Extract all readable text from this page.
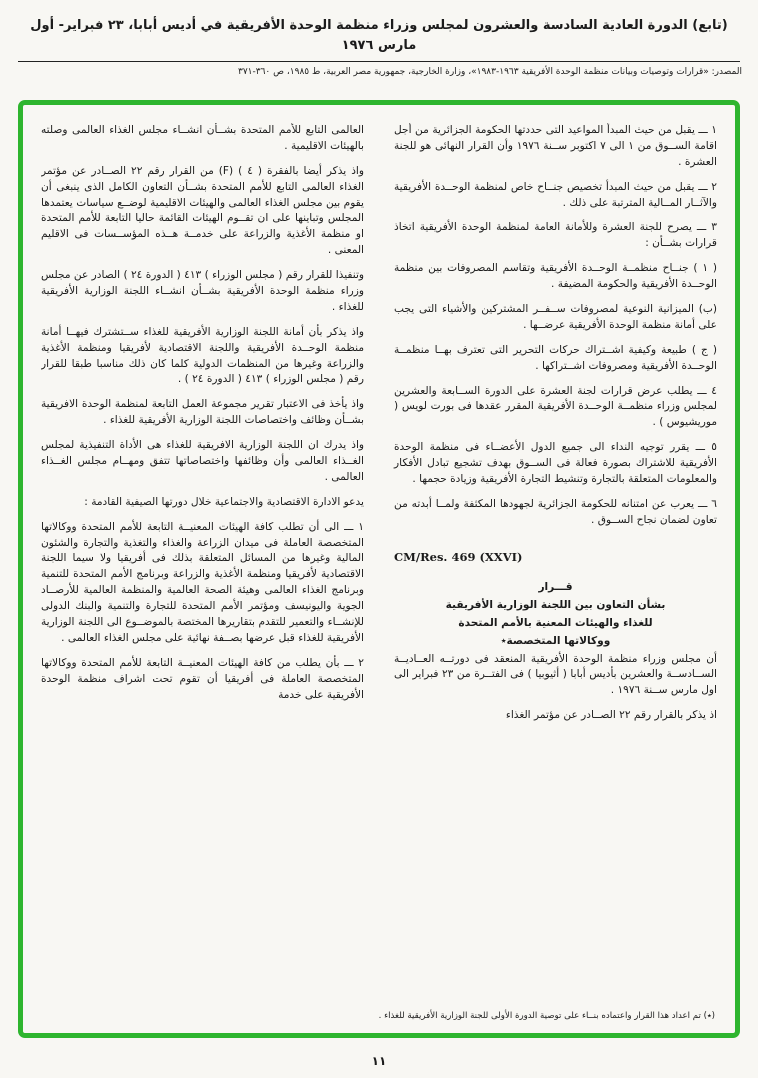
(تابع) الدورة العادية السادسة والعشرون لمجلس وزراء منظمة الوحدة الأفريقية في أديس أبابا، ٢٣ فبراير- أول مارس ١٩٧٦
المصدر: «قرارات وتوصيات وبيانات منظمة الوحدة الأفريقية ١٩٦٣-١٩٨٣»، وزارة الخارجية، جمهورية مصر العربية، ط ١٩٨٥، ص ٣٦٠-٣٧١

١ ـــ يقبل من حيث المبدأ المواعيد التى حددتها الحكومة الجزائرية من أجل اقامة الســوق من ١ الى ٧ اكتوبر ســنة ١٩٧٦ وأن القرار النهائى هو للجنة العشرة .

٢ ـــ يقبل من حيث المبدأ تخصيص جنــاح خاص لمنظمة الوحــدة الأفريقية والآثــار المــالية المترتبة على ذلك .

٣ ـــ يصرح للجنة العشرة وللأمانة العامة لمنظمة الوحدة الأفريقية اتخاذ قرارات بشــأن :

( ١ ) جنــاح منظمــة الوحــدة الأفريقية وتقاسم المصروفات بين منظمة الوحــدة الأفريقية والحكومة المضيفة .

(ب) الميزانية النوعية لمصروفات ســفــر المشتركين والأشياء التى يجب على أمانة منظمة الوحدة الأفريقية عرضــها .

( ج ) طبيعة وكيفية اشــتراك حركات التحرير التى تعترف بهــا منظمــة الوحــدة الأفريقية ومصروفات اشــتراكها .

٤ ـــ يطلب عرض قرارات لجنة العشرة على الدورة الســابعة والعشرين لمجلس وزراء منظمــة الوحــدة الأفريقية المقرر عقدها فى بورت لويس ( موريشيوس ) .

٥ ـــ يقرر توجيه النداء الى جميع الدول الأعضــاء فى منظمة الوحدة الأفريقية للاشتراك بصورة فعالة فى الســوق بهدف تشجيع تبادل الأفكار والمعلومات المتعلقة بالتجارة وتنشيط التجارة الأفريقية وزيادة حجمها .

٦ ـــ يعرب عن امتنانه للحكومة الجزائرية لجهودها المكثفة ولمــا أبدته من تعاون لضمان نجاح الســوق .

CM/Res. 469 (XXVI)

قـــرار

بشأن التعاون بين اللجنة الوزارية الأفريقية

للغذاء والهيئات المعنية بالأمم المتحدة

ووكالاتها المتخصصة٭

أن مجلس وزراء منظمة الوحدة الأفريقية المنعقد فى دورتــه العــاديــة الســادســة والعشرين بأديس أبابا ( أثيوبيا ) فى الفتــرة من ٢٣ فبراير الى اول مارس ســنة ١٩٧٦ .

اذ يذكر بالقرار رقم ٢٢ الصــادر عن مؤتمر الغذاء

العالمى التابع للأمم المتحدة بشــأن انشــاء مجلس الغذاء العالمى وصلته بالهيئات الاقليمية .

واذ يذكر أيضا بالفقرة ( ٤ ) (F) من القرار رقم ٢٢ الصــادر عن مؤتمر الغذاء العالمى التابع للأمم المتحدة بشــأن التعاون الكامل الذى ينبغى أن يقوم بين مجلس الغذاء العالمى والهيئات الاقليمية لوضــع سياسات يعتمدها المجلس وتباينها على ان تقــوم الهيئات القائمة حاليا التابعة للأمم المتحدة او منظمة الأغذية والزراعة على خدمــة هــذه المؤســسات فى الاقليم المعنى .

وتنفيذا للقرار رقم ( مجلس الوزراء ) ٤١٣ ( الدورة ٢٤ ) الصادر عن مجلس وزراء منظمة الوحدة الأفريقية بشــأن انشــاء اللجنة الوزارية الأفريقية للغذاء .

واذ يذكر بأن أمانة اللجنة الوزارية الأفريقية للغذاء ســتشترك فيهــا أمانة منظمة الوحــدة الأفريقية واللجنة الاقتصادية لأفريقيا ومنظمة الأغذية والزراعة وغيرها من المنظمات الدولية كلما كان ذلك مناسبا طبقا للقرار رقم ( مجلس الوزراء ) ٤١٣ ( الدورة ٢٤ ) .

واذ يأخذ فى الاعتبار تقرير مجموعة العمل التابعة لمنظمة الوحدة الافريقية بشــأن وظائف واختصاصات اللجنة الوزارية الأفريقية للغذاء .

واذ يدرك ان اللجنة الوزارية الافريقية للغذاء هى الأداة التنفيذية لمجلس الغــذاء العالمى وأن وظائفها واختصاصاتها تتفق ومهــام مجلس الغــذاء العالمى .

يدعو الادارة الاقتصادية والاجتماعية خلال دورتها الصيفية القادمة :

١ ـــ الى أن تطلب كافة الهيئات المعنيــة التابعة للأمم المتحدة ووكالاتها المتخصصة العاملة فى ميدان الزراعة والغذاء والتغذية والتجارة والشئون المالية وغيرها من المسائل المتعلقة بذلك فى أفريقيا ولا سيما اللجنة الاقتصادية لأفريقيا ومنظمة الأغذية والزراعة وبرنامج الأمم المتحدة للتنمية وبرنامج الغذاء العالمى وهيئة الصحة العالمية والمنظمة العالمية للأرصــاد الجوية واليونيسف ومؤتمر الأمم المتحدة للتجارة والتنمية والبنك الدولى للإنشــاء والتعمير للتقدم بتقاريرها المختصة بالموضــوع الى اللجنة الوزارية الأفريقية للغذاء قبل عرضها بصــفة نهائية على مجلس الغذاء العالمى .

٢ ـــ بأن يطلب من كافة الهيئات المعنيــة التابعة للأمم المتحدة ووكالاتها المتخصصة العاملة فى أفريقيا أن تقوم تحت اشراف منظمة الوحدة الأفريقية على خدمة

(٭) تم اعداد هذا القرار واعتماده بنــاء على توصية الدورة الأولى للجنة الوزارية الأفريقية للغذاء .
١١
